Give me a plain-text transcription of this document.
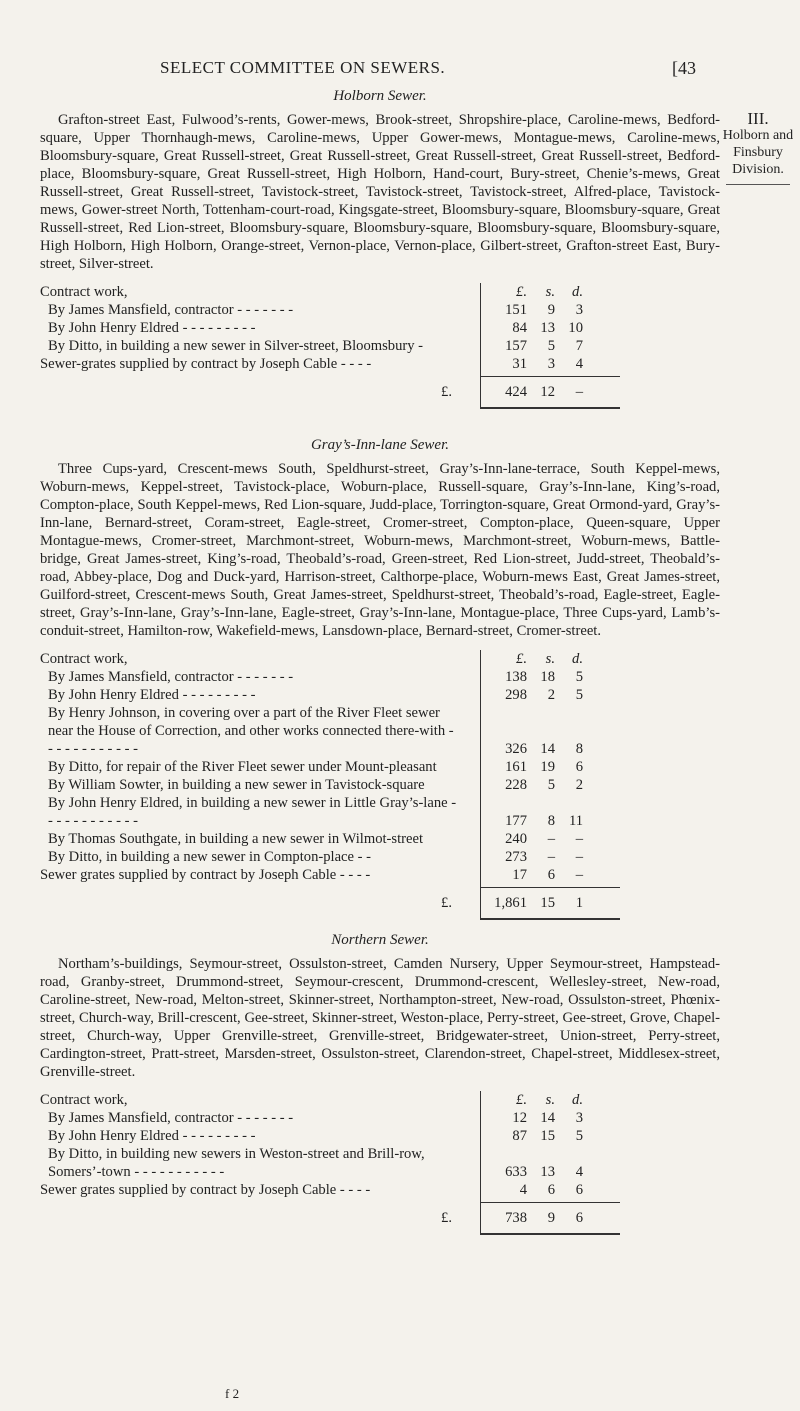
SELECT COMMITTEE ON SEWERS.	[43
III.
Holborn and
Finsbury Division.
Holborn Sewer.

Grafton-street East, Fulwood’s-rents, Gower-mews, Brook-street, Shropshire-place, Caroline-mews, Bedford-square, Upper Thornhaugh-mews, Caroline-mews, Upper Gower-mews, Montague-mews, Caroline-mews, Bloomsbury-square, Great Russell-street, Great Russell-street, Great Russell-street, Great Russell-street, Bedford-place, Bloomsbury-square, Great Russell-street, High Holborn, Hand-court, Bury-street, Chenie’s-mews, Great Russell-street, Great Russell-street, Tavistock-street, Tavistock-street, Tavistock-street, Alfred-place, Tavistock-mews, Gower-street North, Tottenham-court-road, Kingsgate-street, Bloomsbury-square, Bloomsbury-square, Great Russell-street, Red Lion-street, Bloomsbury-square, Bloomsbury-square, Bloomsbury-square, Bloomsbury-square, High Holborn, High Holborn, Orange-street, Vernon-place, Vernon-place, Gilbert-street, Grafton-street East, Bury-street, Silver-street.

Contract work,	£.	s.	d.
By James Mansfield, contractor - - - - - - -	151	9	3
By John Henry Eldred - - - - - - - - -	84 13 10
By Ditto, in building a new sewer in Silver-street, Bloomsbury -	157	5	7
Sewer-grates supplied by contract by Joseph Cable - - - -	31	3	4
£.	424 12	–
Gray’s-Inn-lane Sewer.

Three Cups-yard, Crescent-mews South, Speldhurst-street, Gray’s-Inn-lane-terrace, South Keppel-mews, Woburn-mews, Keppel-street, Tavistock-place, Woburn-place, Russell-square, Gray’s-Inn-lane, King’s-road, Compton-place, South Keppel-mews, Red Lion-square, Judd-place, Torrington-square, Great Ormond-yard, Gray’s-Inn-lane, Bernard-street, Coram-street, Eagle-street, Cromer-street, Compton-place, Queen-square, Upper Montague-mews, Cromer-street, Marchmont-street, Woburn-mews, Marchmont-street, Woburn-mews, Battle-bridge, Great James-street, King’s-road, Theobald’s-road, Green-street, Red Lion-street, Judd-street, Theobald’s-road, Abbey-place, Dog and Duck-yard, Harrison-street, Calthorpe-place, Woburn-mews East, Great James-street, Guilford-street, Crescent-mews South, Great James-street, Speldhurst-street, Theobald’s-road, Eagle-street, Eagle-street, Gray’s-Inn-lane, Gray’s-Inn-lane, Eagle-street, Gray’s-Inn-lane, Montague-place, Three Cups-yard, Lamb’s-conduit-street, Hamilton-row, Wakefield-mews, Lansdown-place, Bernard-street, Cromer-street.

Contract work,	£.	s.	d.
By James Mansfield, contractor - - - - - - -	138 18	5
By John Henry Eldred - - - - - - - - -	298	2	5
By Henry Johnson, in covering over a part of the River Fleet sewer near the House of Correction, and other works connected there-with - - - - - - - - - - - -	326 14	8
By Ditto, for repair of the River Fleet sewer under Mount-pleasant	161 19	6
By William Sowter, in building a new sewer in Tavistock-square	228	5	2
By John Henry Eldred, in building a new sewer in Little Gray’s-lane - - - - - - - - - - - -	177	8 11
By Thomas Southgate, in building a new sewer in Wilmot-street	240	–	–
By Ditto, in building a new sewer in Compton-place - -	273	–	–
Sewer grates supplied by contract by Joseph Cable - - - -	17	6	–
£.	1,861 15	1
Northern Sewer.

Northam’s-buildings, Seymour-street, Ossulston-street, Camden Nursery, Upper Seymour-street, Hampstead-road, Granby-street, Drummond-street, Seymour-crescent, Drummond-crescent, Wellesley-street, New-road, Caroline-street, New-road, Melton-street, Skinner-street, Northampton-street, New-road, Ossulston-street, Phœnix-street, Church-way, Brill-crescent, Gee-street, Skinner-street, Weston-place, Perry-street, Gee-street, Grove, Chapel-street, Church-way, Upper Grenville-street, Grenville-street, Bridgewater-street, Union-street, Perry-street, Cardington-street, Pratt-street, Marsden-street, Ossulston-street, Clarendon-street, Chapel-street, Middlesex-street, Grenville-street.

Contract work,	£.	s.	d.
By James Mansfield, contractor - - - - - - -	12 14	3
By John Henry Eldred - - - - - - - - -	87 15	5
By Ditto, in building new sewers in Weston-street and Brill-row, Somers’-town - - - - - - - - - - -	633 13	4
Sewer grates supplied by contract by Joseph Cable - - - -	4	6	6
£.	738	9	6
f 2
